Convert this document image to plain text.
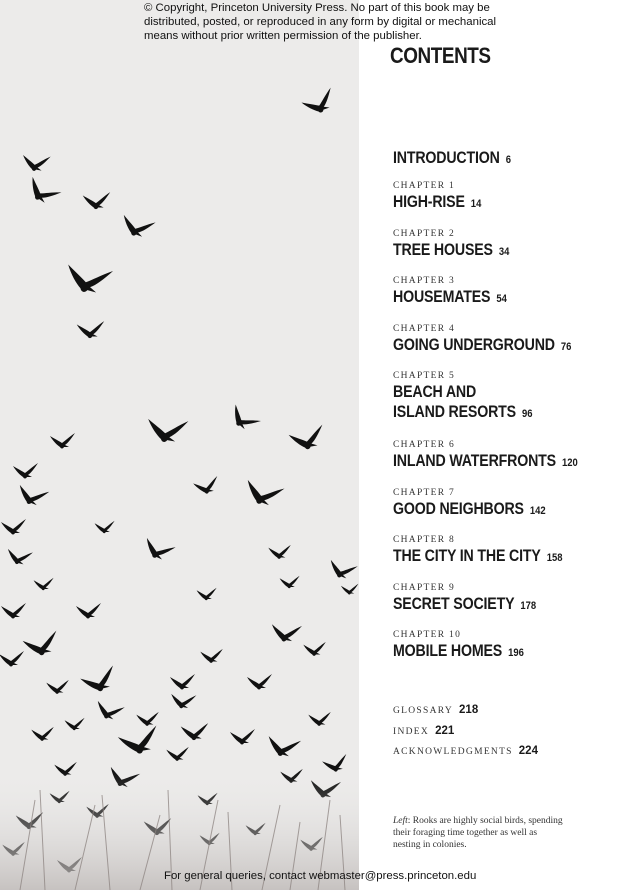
© Copyright, Princeton University Press. No part of this book may be distributed, posted, or reproduced in any form by digital or mechanical means without prior written permission of the publisher.
CONTENTS
INTRODUCTION 6
CHAPTER 1
HIGH-RISE 14
CHAPTER 2
TREE HOUSES 34
CHAPTER 3
HOUSEMATES 54
CHAPTER 4
GOING UNDERGROUND 76
CHAPTER 5
BEACH AND
ISLAND RESORTS 96
CHAPTER 6
INLAND WATERFRONTS 120
CHAPTER 7
GOOD NEIGHBORS 142
CHAPTER 8
THE CITY IN THE CITY 158
CHAPTER 9
SECRET SOCIETY 178
CHAPTER 10
MOBILE HOMES 196
GLOSSARY 218
INDEX 221
ACKNOWLEDGMENTS 224
Left: Rooks are highly social birds, spending their foraging time together as well as nesting in colonies.
For general queries, contact webmaster@press.princeton.edu
